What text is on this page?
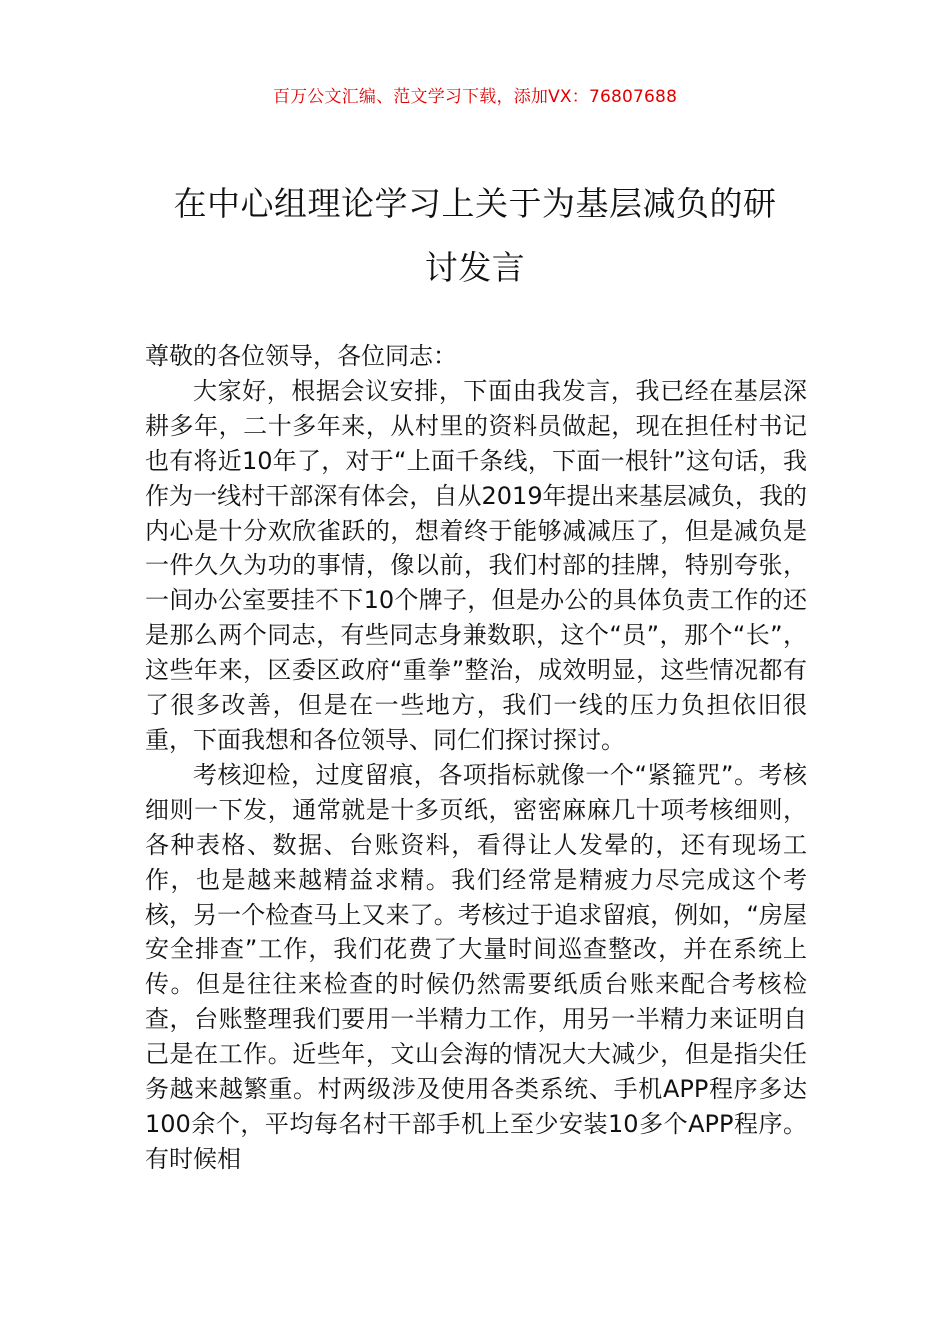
百万公文汇编、范文学习下载，添加VX：76807688
在中心组理论学习上关于为基层减负的研
讨发言

尊敬的各位领导，各位同志：

大家好，根据会议安排，下面由我发言，我已经在基层深耕多年，二十多年来，从村里的资料员做起，现在担任村书记也有将近10年了，对于“上面千条线，下面一根针”这句话，我作为一线村干部深有体会，自从2019年提出来基层减负，我的内心是十分欢欣雀跃的，想着终于能够减减压了，但是减负是一件久久为功的事情，像以前，我们村部的挂牌，特别夸张，一间办公室要挂不下10个牌子，但是办公的具体负责工作的还是那么两个同志，有些同志身兼数职，这个“员”，那个“长”，这些年来，区委区政府“重拳”整治，成效明显，这些情况都有了很多改善，但是在一些地方，我们一线的压力负担依旧很重，下面我想和各位领导、同仁们探讨探讨。

考核迎检，过度留痕，各项指标就像一个“紧箍咒”。考核细则一下发，通常就是十多页纸，密密麻麻几十项考核细则，各种表格、数据、台账资料，看得让人发晕的，还有现场工作，也是越来越精益求精。我们经常是精疲力尽完成这个考核，另一个检查马上又来了。考核过于追求留痕，例如，“房屋安全排查”工作，我们花费了大量时间巡查整改，并在系统上传。但是往往来检查的时候仍然需要纸质台账来配合考核检查，台账整理我们要用一半精力工作，用另一半精力来证明自己是在工作。近些年，文山会海的情况大大减少，但是指尖任务越来越繁重。村两级涉及使用各类系统、手机APP程序多达100余个，平均每名村干部手机上至少安装10多个APP程序。有时候相
